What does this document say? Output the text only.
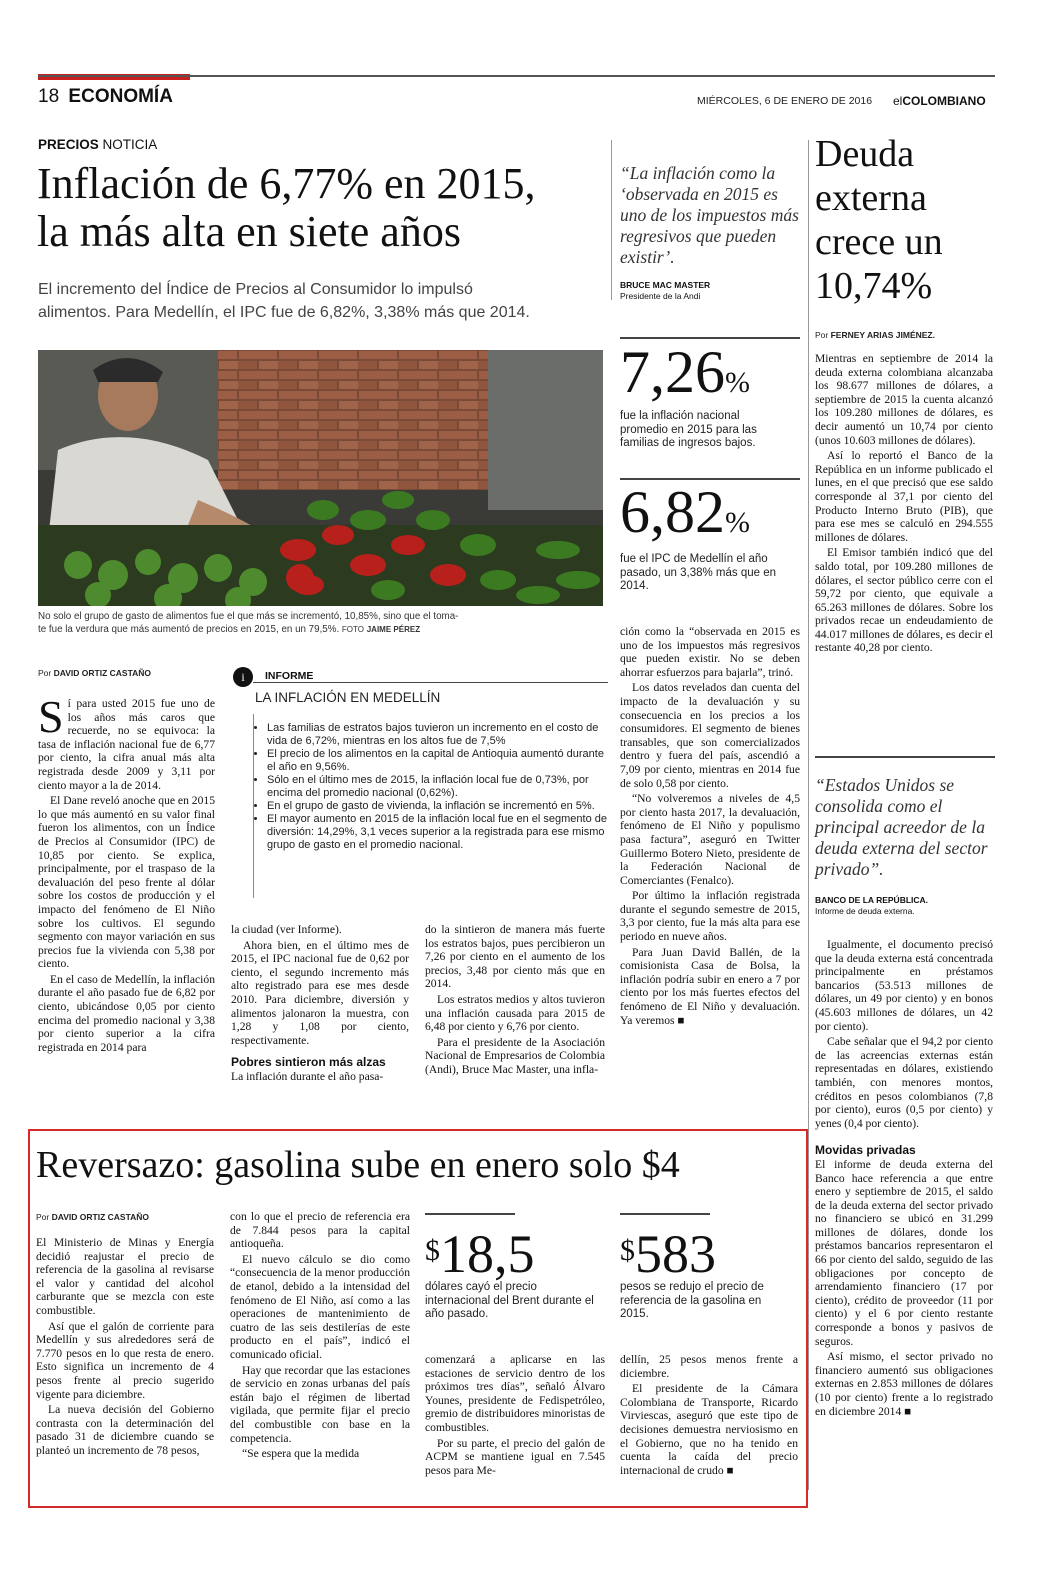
18 ECONOMÍA	MIÉRCOLES, 6 DE ENERO DE 2016 elCOLOMBIANO
PRECIOS NOTICIA
Inflación de 6,77% en 2015,
la más alta en siete años
El incremento del Índice de Precios al Consumidor lo impulsó
alimentos. Para Medellín, el IPC fue de 6,82%, 3,38% más que 2014.
No solo el grupo de gasto de alimentos fue el que más se incrementó, 10,85%, sino que el toma-
te fue la verdura que más aumentó de precios en 2015, en un 79,5%. FOTO JAIME PÉREZ
Por DAVID ORTIZ CASTAÑO

Sí para usted 2015 fue uno de los años más caros que recuerde, no se equivoca: la tasa de inflación nacional fue de 6,77 por ciento, la cifra anual más alta registrada desde 2009 y 3,11 por ciento mayor a la de 2014.

El Dane reveló anoche que en 2015 lo que más aumentó en su valor final fueron los alimentos, con un Índice de Precios al Consumidor (IPC) de 10,85 por ciento. Se explica, principalmente, por el traspaso de la devaluación del peso frente al dólar sobre los costos de producción y el impacto del fenómeno de El Niño sobre los cultivos. El segundo segmento con mayor variación en sus precios fue la vivienda con 5,38 por ciento.

En el caso de Medellín, la inflación durante el año pasado fue de 6,82 por ciento, ubicándose 0,05 por ciento encima del promedio nacional y 3,38 por ciento superior a la cifra registrada en 2014 para

i	INFORME
LA INFLACIÓN EN MEDELLÍN
• Las familias de estratos bajos tuvieron un incremento en el costo de vida de 6,72%, mientras en los altos fue de 7,5%
• El precio de los alimentos en la capital de Antioquia aumentó durante el año en 9,56%.
• Sólo en el último mes de 2015, la inflación local fue de 0,73%, por encima del promedio nacional (0,62%).
• En el grupo de gasto de vivienda, la inflación se incrementó en 5%.
• El mayor aumento en 2015 de la inflación local fue en el segmento de diversión: 14,29%, 3,1 veces superior a la registrada para ese mismo grupo de gasto en el promedio nacional.

la ciudad (ver Informe).

Ahora bien, en el último mes de 2015, el IPC nacional fue de 0,62 por ciento, el segundo incremento más alto registrado para ese mes desde 2010. Para diciembre, diversión y alimentos jalonaron la muestra, con 1,28 y 1,08 por ciento, respectivamente.

Pobres sintieron más alzas

La inflación durante el año pasa-

do la sintieron de manera más fuerte los estratos bajos, pues percibieron un 7,26 por ciento en el aumento de los precios, 3,48 por ciento más que en 2014.

Los estratos medios y altos tuvieron una inflación causada para 2015 de 6,48 por ciento y 6,76 por ciento.

Para el presidente de la Asociación Nacional de Empresarios de Colombia (Andi), Bruce Mac Master, una infla-

“La inflación como la ‘observada en 2015 es uno de los impuestos más regresivos que pueden existir’.
BRUCE MAC MASTER
Presidente de la Andi
7,26%
fue la inflación nacional promedio en 2015 para las familias de ingresos bajos.
6,82%
fue el IPC de Medellín el año pasado, un 3,38% más que en 2014.

ción como la “observada en 2015 es uno de los impuestos más regresivos que pueden existir. No se deben ahorrar esfuerzos para bajarla”, trinó.

Los datos revelados dan cuenta del impacto de la devaluación y su consecuencia en los precios a los consumidores. El segmento de bienes transables, que son comercializados dentro y fuera del país, ascendió a 7,09 por ciento, mientras en 2014 fue de solo 0,58 por ciento.

“No volveremos a niveles de 4,5 por ciento hasta 2017, la devaluación, fenómeno de El Niño y populismo pasa factura”, aseguró en Twitter Guillermo Botero Nieto, presidente de la Federación Nacional de Comerciantes (Fenalco).

Por último la inflación registrada durante el segundo semestre de 2015, 3,3 por ciento, fue la más alta para ese periodo en nueve años.

Para Juan David Ballén, de la comisionista Casa de Bolsa, la inflación podría subir en enero a 7 por ciento por los más fuertes efectos del fenómeno de El Niño y devaluación. Ya veremos ■

Deuda
externa
crece un
10,74%
Por FERNEY ARIAS JIMÉNEZ.

Mientras en septiembre de 2014 la deuda externa colombiana alcanzaba los 98.677 millones de dólares, a septiembre de 2015 la cuenta alcanzó los 109.280 millones de dólares, es decir aumentó un 10,74 por ciento (unos 10.603 millones de dólares).

Así lo reportó el Banco de la República en un informe publicado el lunes, en el que precisó que ese saldo corresponde al 37,1 por ciento del Producto Interno Bruto (PIB), que para ese mes se calculó en 294.555 millones de dólares.

El Emisor también indicó que del saldo total, por 109.280 millones de dólares, el sector público cerre con el 59,72 por ciento, que equivale a 65.263 millones de dólares. Sobre los privados recae un endeudamiento de 44.017 millones de dólares, es decir el restante 40,28 por ciento.

“Estados Unidos se consolida como el principal acreedor de la deuda externa del sector privado”.
BANCO DE LA REPÚBLICA.
Informe de deuda externa.

Igualmente, el documento precisó que la deuda externa está concentrada principalmente en préstamos bancarios (53.513 millones de dólares, un 49 por ciento) y en bonos (45.603 millones de dólares, un 42 por ciento).

Cabe señalar que el 94,2 por ciento de las acreencias externas están representadas en dólares, existiendo también, con menores montos, créditos en pesos colombianos (7,8 por ciento), euros (0,5 por ciento) y yenes (0,4 por ciento).

Movidas privadas

El informe de deuda externa del Banco hace referencia a que entre enero y septiembre de 2015, el saldo de la deuda externa del sector privado no financiero se ubicó en 31.299 millones de dólares, donde los préstamos bancarios representaron el 66 por ciento del saldo, seguido de las obligaciones por concepto de arrendamiento financiero (17 por ciento), crédito de proveedor (11 por ciento) y el 6 por ciento restante corresponde a bonos y pasivos de seguros.

Así mismo, el sector privado no financiero aumentó sus obligaciones externas en 2.853 millones de dólares (10 por ciento) frente a lo registrado en diciembre 2014 ■

Reversazo: gasolina sube en enero solo $4
Por DAVID ORTIZ CASTAÑO

El Ministerio de Minas y Energía decidió reajustar el precio de referencia de la gasolina al revisarse el valor y cantidad del alcohol carburante que se mezcla con este combustible.

Así que el galón de corriente para Medellín y sus alrededores será de 7.770 pesos en lo que resta de enero. Esto significa un incremento de 4 pesos frente al precio sugerido vigente para diciembre.

La nueva decisión del Gobierno contrasta con la determinación del pasado 31 de diciembre cuando se planteó un incremento de 78 pesos,

con lo que el precio de referencia era de 7.844 pesos para la capital antioqueña.

El nuevo cálculo se dio como “consecuencia de la menor producción de etanol, debido a la intensidad del fenómeno de El Niño, así como a las operaciones de mantenimiento de cuatro de las seis destilerías de este producto en el país”, indicó el comunicado oficial.

Hay que recordar que las estaciones de servicio en zonas urbanas del país están bajo el régimen de libertad vigilada, que permite fijar el precio del combustible con base en la competencia.

“Se espera que la medida

$18,5
dólares cayó el precio internacional del Brent durante el año pasado.
$583
pesos se redujo el precio de referencia de la gasolina en 2015.

comenzará a aplicarse en las estaciones de servicio dentro de los próximos tres días”, señaló Álvaro Younes, presidente de Fedispetróleo, gremio de distribuidores minoristas de combustibles.

Por su parte, el precio del galón de ACPM se mantiene igual en 7.545 pesos para Me-

dellín, 25 pesos menos frente a diciembre.

El presidente de la Cámara Colombiana de Transporte, Ricardo Virviescas, aseguró que este tipo de decisiones demuestra nerviosismo en el Gobierno, que no ha tenido en cuenta la caída del precio internacional de crudo ■
